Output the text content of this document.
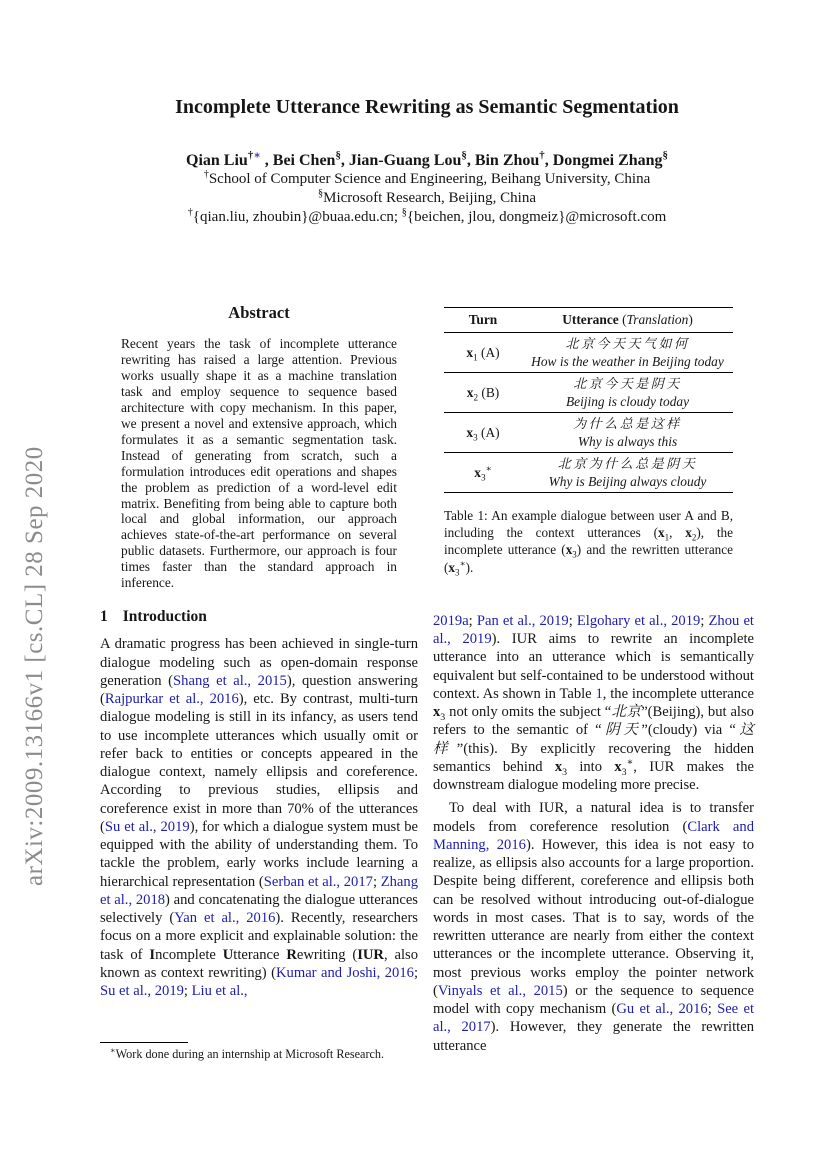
arXiv:2009.13166v1 [cs.CL] 28 Sep 2020
Incomplete Utterance Rewriting as Semantic Segmentation
Qian Liu†∗ , Bei Chen§, Jian-Guang Lou§, Bin Zhou†, Dongmei Zhang§
†School of Computer Science and Engineering, Beihang University, China
§Microsoft Research, Beijing, China
†{qian.liu, zhoubin}@buaa.edu.cn; §{beichen, jlou, dongmeiz}@microsoft.com
Abstract
Recent years the task of incomplete utterance rewriting has raised a large attention. Previous works usually shape it as a machine translation task and employ sequence to sequence based architecture with copy mechanism. In this paper, we present a novel and extensive approach, which formulates it as a semantic segmentation task. Instead of generating from scratch, such a formulation introduces edit operations and shapes the problem as prediction of a word-level edit matrix. Benefiting from being able to capture both local and global information, our approach achieves state-of-the-art performance on several public datasets. Furthermore, our approach is four times faster than the standard approach in inference.
1 Introduction
A dramatic progress has been achieved in single-turn dialogue modeling such as open-domain response generation (Shang et al., 2015), question answering (Rajpurkar et al., 2016), etc. By contrast, multi-turn dialogue modeling is still in its infancy, as users tend to use incomplete utterances which usually omit or refer back to entities or concepts appeared in the dialogue context, namely ellipsis and coreference. According to previous studies, ellipsis and coreference exist in more than 70% of the utterances (Su et al., 2019), for which a dialogue system must be equipped with the ability of understanding them. To tackle the problem, early works include learning a hierarchical representation (Serban et al., 2017; Zhang et al., 2018) and concatenating the dialogue utterances selectively (Yan et al., 2016). Recently, researchers focus on a more explicit and explainable solution: the task of Incomplete Utterance Rewriting (IUR, also known as context rewriting) (Kumar and Joshi, 2016; Su et al., 2019; Liu et al.,
∗Work done during an internship at Microsoft Research.
Turn	Utterance (Translation)
$x_1$ (A)
北京今天天气如何
How is the weather in Beijing today
$x_2$ (B)
北京今天是阴天
Beijing is cloudy today
$x_3$ (A)
为什么总是这样
Why is always this
$x_3^∗$	北京为什么总是阴天
Why is Beijing always cloudy
Table 1: An example dialogue between user A and B, including the context utterances ($x_1$, $x_2$), the incomplete utterance $(x_3)$ and the rewritten utterance $(x_3^∗)$.
2019a; Pan et al., 2019; Elgohary et al., 2019; Zhou et al., 2019). IUR aims to rewrite an incomplete utterance into an utterance which is semantically equivalent but self-contained to be understood without context. As shown in Table 1, the incomplete utterance $x_3$ not only omits the subject “北京”(Beijing), but also refers to the semantic of “阴天”(cloudy) via “这样”(this). By explicitly recovering the hidden semantics behind $x_3$ into $x_3^∗$, IUR makes the downstream dialogue modeling more precise.
To deal with IUR, a natural idea is to transfer models from coreference resolution (Clark and Manning, 2016). However, this idea is not easy to realize, as ellipsis also accounts for a large proportion. Despite being different, coreference and ellipsis both can be resolved without introducing out-of-dialogue words in most cases. That is to say, words of the rewritten utterance are nearly from either the context utterances or the incomplete utterance. Observing it, most previous works employ the pointer network (Vinyals et al., 2015) or the sequence to sequence model with copy mechanism (Gu et al., 2016; See et al., 2017). However, they generate the rewritten utterance
